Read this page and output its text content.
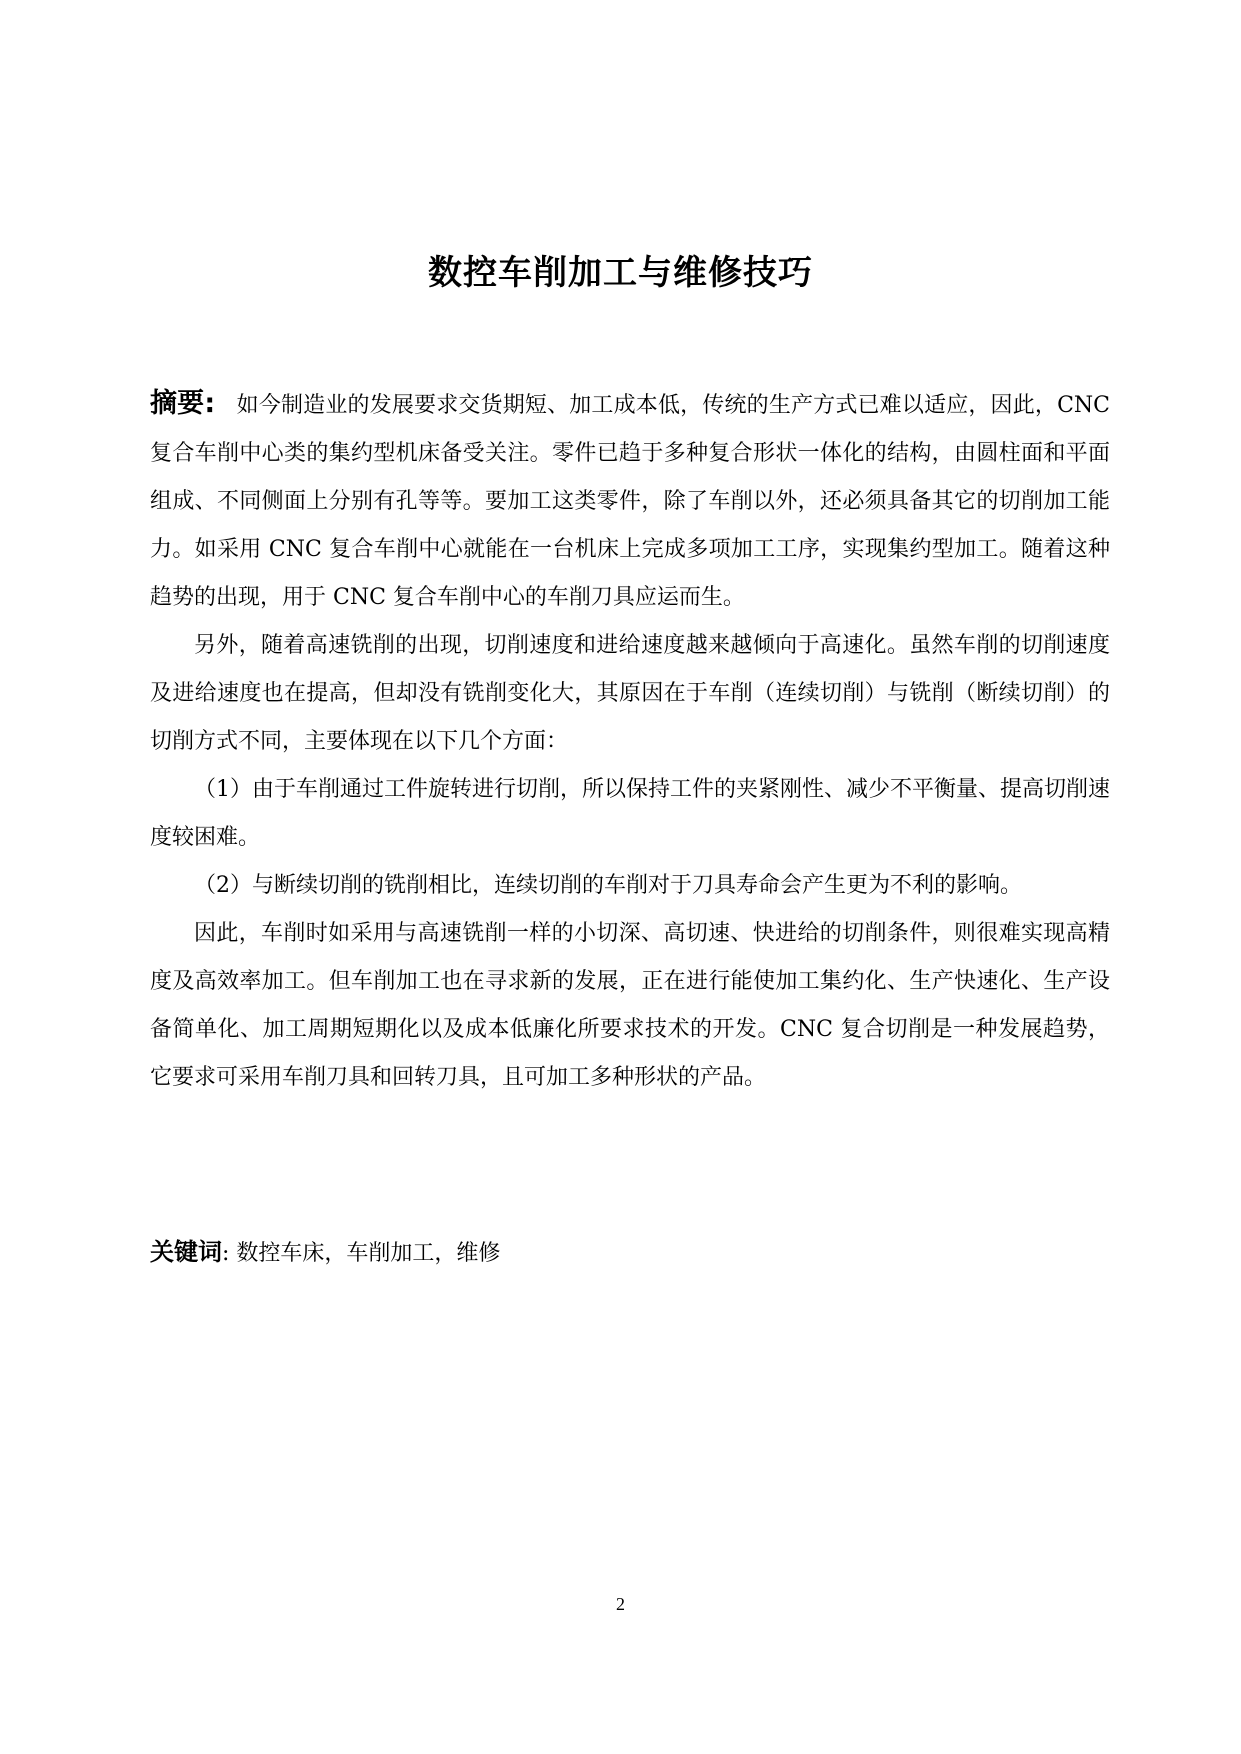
数控车削加工与维修技巧

摘要: 如今制造业的发展要求交货期短、加工成本低，传统的生产方式已难以适应，因此，CNC 复合车削中心类的集约型机床备受关注。零件已趋于多种复合形状一体化的结构，由圆柱面和平面组成、不同侧面上分别有孔等等。要加工这类零件，除了车削以外，还必须具备其它的切削加工能力。如采用 CNC 复合车削中心就能在一台机床上完成多项加工工序，实现集约型加工。随着这种趋势的出现，用于 CNC 复合车削中心的车削刀具应运而生。

另外，随着高速铣削的出现，切削速度和进给速度越来越倾向于高速化。虽然车削的切削速度及进给速度也在提高，但却没有铣削变化大，其原因在于车削（连续切削）与铣削（断续切削）的切削方式不同，主要体现在以下几个方面：

（1）由于车削通过工件旋转进行切削，所以保持工件的夹紧刚性、减少不平衡量、提高切削速度较困难。

（2）与断续切削的铣削相比，连续切削的车削对于刀具寿命会产生更为不利的影响。

因此，车削时如采用与高速铣削一样的小切深、高切速、快进给的切削条件，则很难实现高精度及高效率加工。但车削加工也在寻求新的发展，正在进行能使加工集约化、生产快速化、生产设备简单化、加工周期短期化以及成本低廉化所要求技术的开发。CNC 复合切削是一种发展趋势，它要求可采用车削刀具和回转刀具，且可加工多种形状的产品。

关键词: 数控车床，车削加工，维修
2
